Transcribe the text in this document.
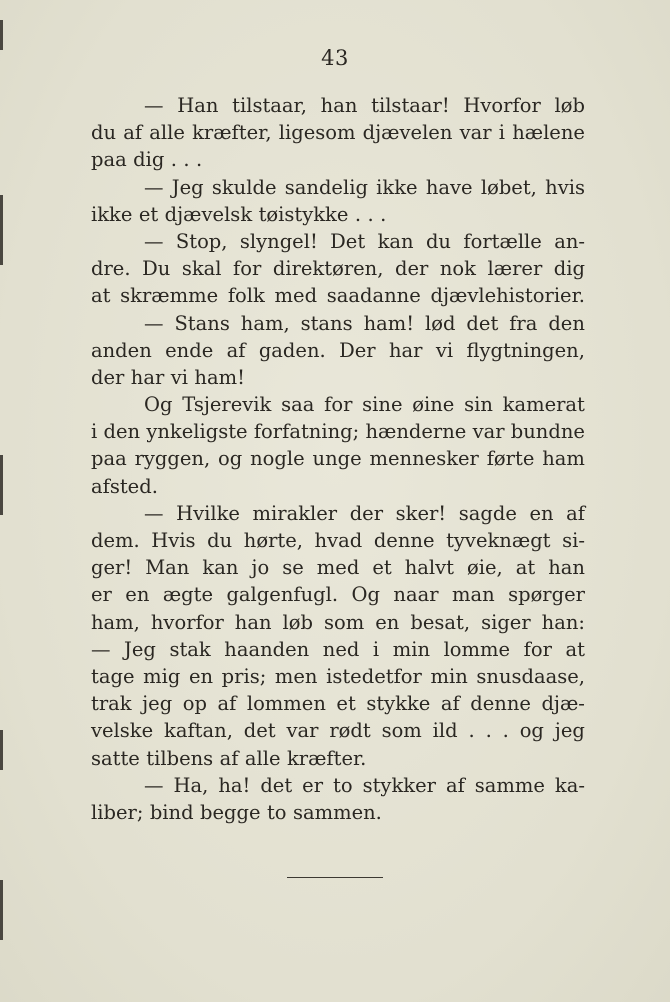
43
— Han tilstaar, han tilstaar! Hvorfor løb
du af alle kræfter, ligesom djævelen var i hælene
paa dig . . .
— Jeg skulde sandelig ikke have løbet, hvis
ikke et djævelsk tøistykke . . .
— Stop, slyngel! Det kan du fortælle an-
dre. Du skal for direktøren, der nok lærer dig
at skræmme folk med saadanne djævlehistorier.
— Stans ham, stans ham! lød det fra den
anden ende af gaden. Der har vi flygtningen,
der har vi ham!
Og Tsjerevik saa for sine øine sin kamerat
i den ynkeligste forfatning; hænderne var bundne
paa ryggen, og nogle unge mennesker førte ham
afsted.
— Hvilke mirakler der sker! sagde en af
dem. Hvis du hørte, hvad denne tyveknægt si-
ger! Man kan jo se med et halvt øie, at han
er en ægte galgenfugl. Og naar man spørger
ham, hvorfor han løb som en besat, siger han:
— Jeg stak haanden ned i min lomme for at
tage mig en pris; men istedetfor min snusdaase,
trak jeg op af lommen et stykke af denne djæ-
velske kaftan, det var rødt som ild . . . og jeg
satte tilbens af alle kræfter.
— Ha, ha! det er to stykker af samme ka-
liber; bind begge to sammen.
